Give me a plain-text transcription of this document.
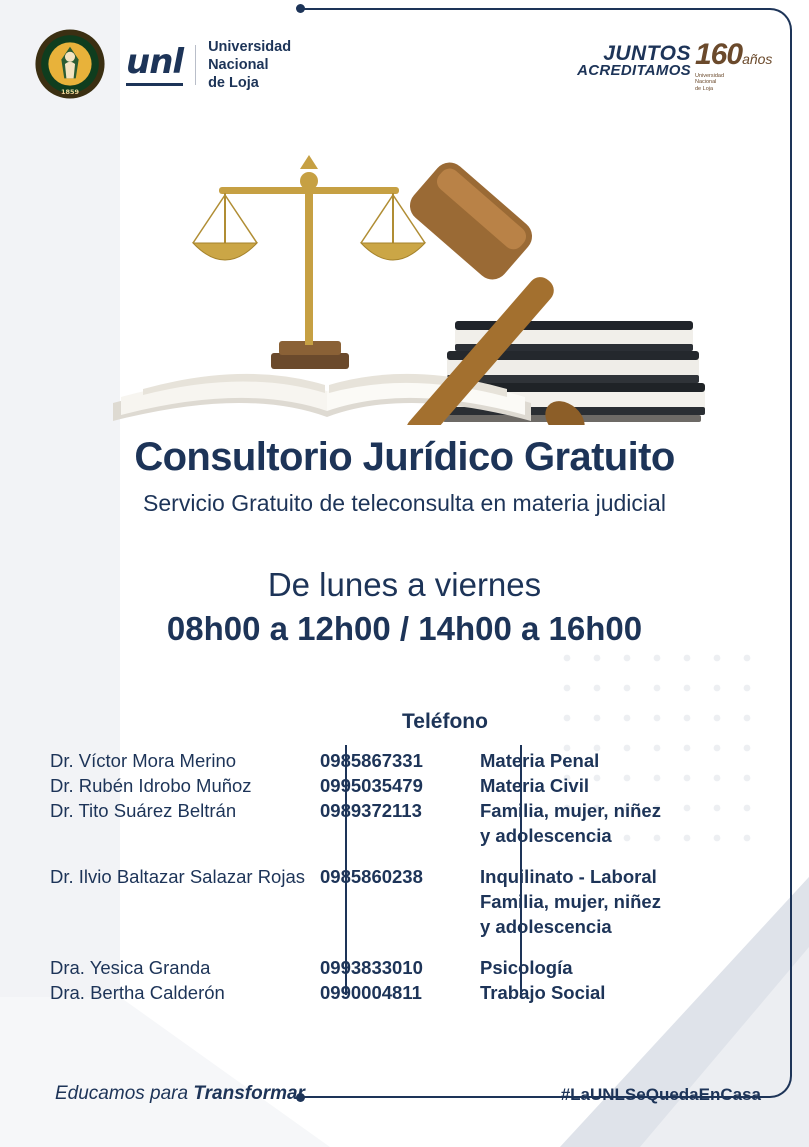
1859
unl Universidad
Nacional
de Loja
JUNTOS
ACREDITAMOS 160años
Universidad
Nacional
de Loja
Consultorio Jurídico Gratuito
Servicio Gratuito de teleconsulta en materia judicial
De lunes a viernes
08h00 a 12h00 / 14h00 a 16h00
Teléfono
Dr. Víctor Mora Merino	0985867331	Materia Penal
Dr. Rubén Idrobo Muñoz	0995035479	Materia Civil
Dr. Tito Suárez Beltrán	0989372113	Familia, mujer, niñez
y adolescencia
Dr. Ilvio Baltazar Salazar Rojas 0985860238	Inquilinato - Laboral
Familia, mujer, niñez
y adolescencia
Dra. Yesica Granda	0993833010	Psicología
Dra. Bertha Calderón	0990004811	Trabajo Social
Educamos para Transformar	#LaUNLSeQuedaEnCasa
